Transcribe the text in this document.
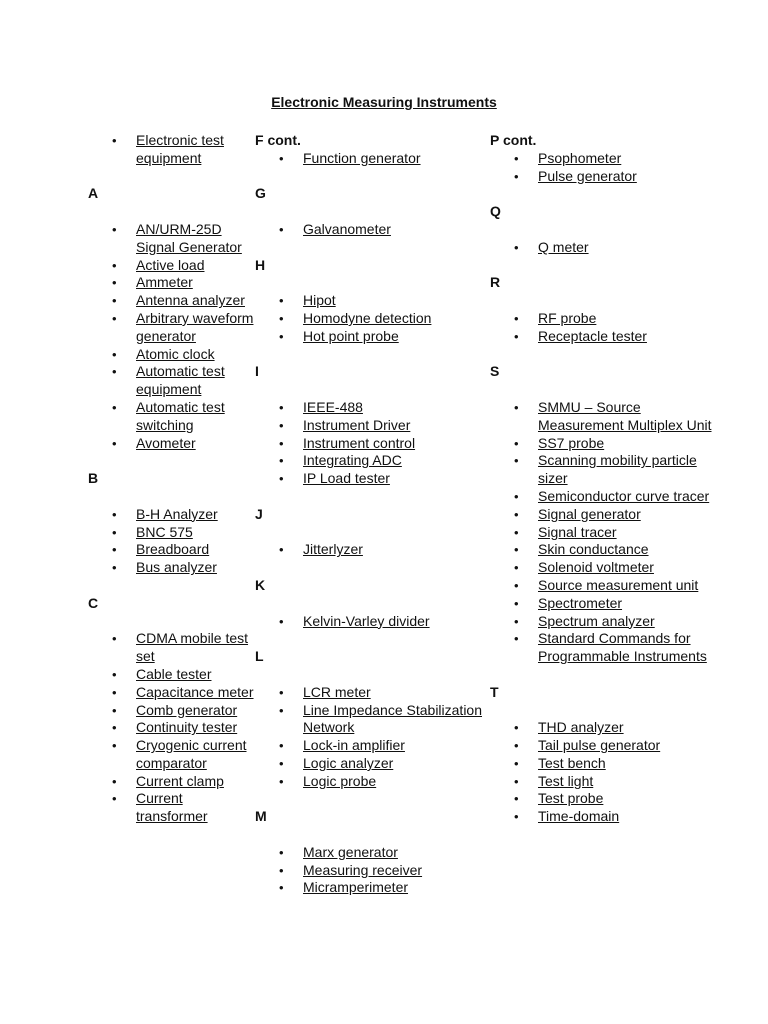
Electronic Measuring Instruments
• Electronic test equipment
A
• AN/URM-25D Signal Generator
• Active load
• Ammeter
• Antenna analyzer
• Arbitrary waveform generator
• Atomic clock
• Automatic test equipment
• Automatic test switching
• Avometer
B
• B-H Analyzer
• BNC 575
• Breadboard
• Bus analyzer
C
• CDMA mobile test set
• Cable tester
• Capacitance meter
• Comb generator
• Continuity tester
• Cryogenic current comparator
• Current clamp
• Current transformer
F cont.
• Function generator
G
• Galvanometer
H
• Hipot
• Homodyne detection
• Hot point probe
I
• IEEE-488
• Instrument Driver
• Instrument control
• Integrating ADC
• IP Load tester
J
• Jitterlyzer
K
• Kelvin-Varley divider
L
• LCR meter
• Line Impedance Stabilization Network
• Lock-in amplifier
• Logic analyzer
• Logic probe
M
• Marx generator
• Measuring receiver
• Micramperimeter
P cont.
• Psophometer
• Pulse generator
Q
• Q meter
R
• RF probe
• Receptacle tester
S
• SMMU – Source Measurement Multiplex Unit
• SS7 probe
• Scanning mobility particle sizer
• Semiconductor curve tracer
• Signal generator
• Signal tracer
• Skin conductance
• Solenoid voltmeter
• Source measurement unit
• Spectrometer
• Spectrum analyzer
• Standard Commands for Programmable Instruments
T
• THD analyzer
• Tail pulse generator
• Test bench
• Test light
• Test probe
• Time-domain
